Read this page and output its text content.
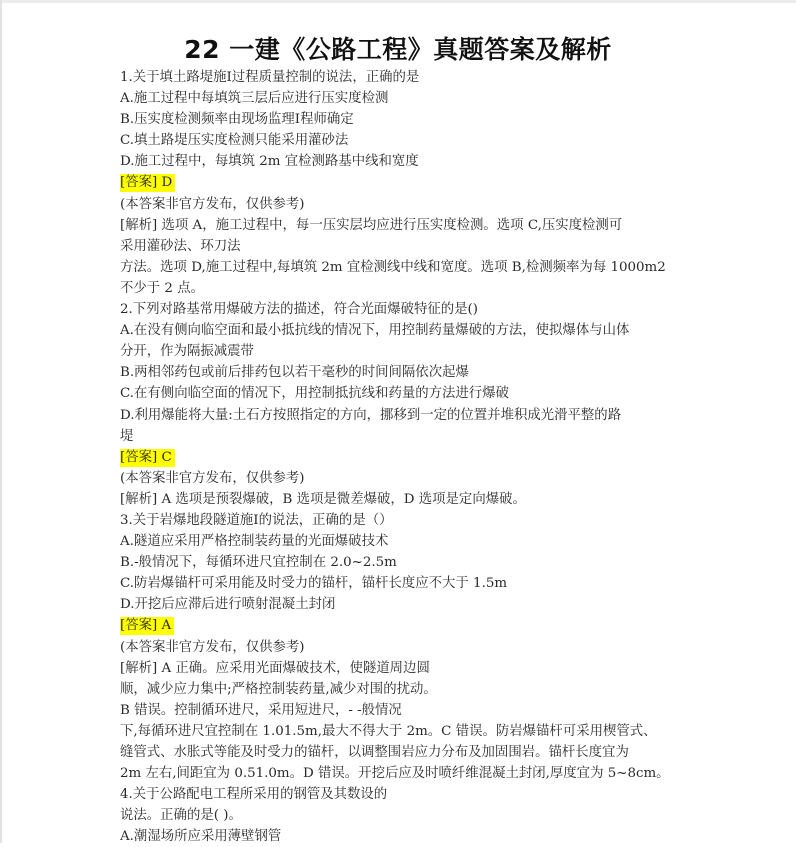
22 一建《公路工程》真题答案及解析
1.关于填土路堤施Ⅰ过程质量控制的说法，正确的是
A.施工过程中每填筑三层后应进行压实度检测
B.压实度检测频率由现场监理Ⅰ程师确定
C.填土路堤压实度检测只能采用灌砂法
D.施工过程中，每填筑 2m 宜检测路基中线和宽度
[答案] D
(本答案非官方发布，仅供参考)
[解析] 选项 A，施工过程中，每一压实层均应进行压实度检测。选项 C,压实度检测可
采用灌砂法、环刀法
方法。选项 D,施工过程中,每填筑 2m 宜检测线中线和宽度。选项 B,检测频率为每 1000m2
不少于 2 点。
2.下列对路基常用爆破方法的描述，符合光面爆破特征的是()
A.在没有侧向临空面和最小抵抗线的情况下，用控制药量爆破的方法，使拟爆体与山体
分开，作为隔振减震带
B.两相邻药包或前后排药包以若干毫秒的时间间隔依次起爆
C.在有侧向临空面的情况下，用控制抵抗线和药量的方法进行爆破
D.利用爆能将大量:土石方按照指定的方向，挪移到一定的位置并堆积成光滑平整的路
堤
[答案] C
(本答案非官方发布，仅供参考)
[解析] A 选项是预裂爆破，B 选项是微差爆破，D 选项是定向爆破。
3.关于岩爆地段隧道施Ⅰ的说法，正确的是（）
A.隧道应采用严格控制装药量的光面爆破技术
B.-般情况下，每循环进尺宜控制在 2.0~2.5m
C.防岩爆锚杆可采用能及时受力的锚杆，锚杆长度应不大于 1.5m
D.开挖后应滞后进行喷射混凝土封闭
[答案] A
(本答案非官方发布，仅供参考)
[解析] A 正确。应采用光面爆破技术，使隧道周边圆
顺，减少应力集中;严格控制装药量,减少对围的扰动。
B 错误。控制循环进尺，采用短进尺，- -般情况
下,每循环进尺宜控制在 1.01.5m,最大不得大于 2m。C 错误。防岩爆锚杆可采用楔管式、
缝管式、水胀式等能及时受力的锚杆，以调整围岩应力分布及加固围岩。锚杆长度宜为
2m 左右,间距宜为 0.51.0m。D 错误。开挖后应及时喷纤维混凝土封闭,厚度宜为 5~8cm。
4.关于公路配电工程所采用的钢管及其数设的
说法。正确的是( )。
A.潮湿场所应采用薄壁钢管
